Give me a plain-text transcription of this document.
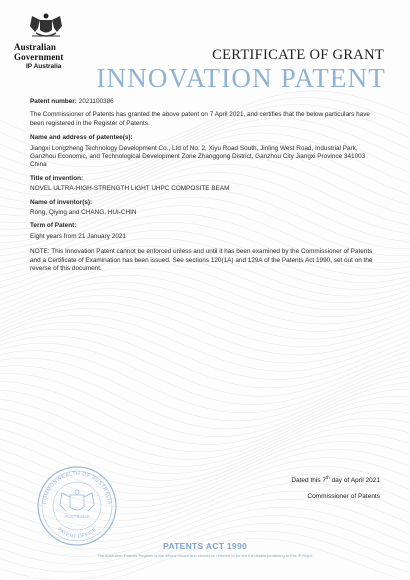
Australian Government
IP Australia
CERTIFICATE OF GRANT
INNOVATION PATENT
Patent number: 2021100386
The Commissioner of Patents has granted the above patent on 7 April 2021, and certifies that the below particulars have been registered in the Register of Patents.
Name and address of patentee(s):
Jiangxi Longzheng Technology Development Co., Ltd of No. 2, Xiyu Road South, Jinling West Road, Industrial Park, Ganzhou Economic, and Technological Development Zone Zhanggong District, Ganzhou City Jiangxi Province 341003 China
Title of invention:
NOVEL ULTRA-HIGH-STRENGTH LIGHT UHPC COMPOSITE BEAM
Name of inventor(s):
Rong, Qiying and CHANG, HUI-CHIN
Term of Patent:
Eight years from 21 January 2021
NOTE: This Innovation Patent cannot be enforced unless and until it has been examined by the Commissioner of Patents and a Certificate of Examination has been issued. See sections 120(1A) and 129A of the Patents Act 1990, set out on the reverse of this document.
COMMONWEALTH OF AUSTRALIA
PATENT OFFICE
AUSTRALIA
Dated this 7th day of April 2021
Commissioner of Patents
PATENTS ACT 1990
The Australian Patents Register is the official record and should be referred to for the full details pertaining to this IP Right.
